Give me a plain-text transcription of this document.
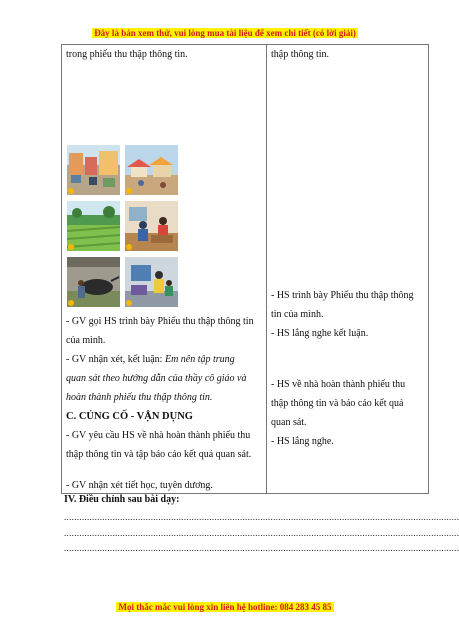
Đây là bản xem thử, vui lòng mua tài liệu để xem chi tiết (có lời giải)
trong phiếu thu thập thông tin.
- GV gọi HS trình bày Phiếu thu thập thông tin
của mình.
- GV nhận xét, kết luận: Em nên tập trung
quan sát theo hướng dẫn của thầy cô giáo và
hoàn thành phiếu thu thập thông tin.
C. CỦNG CỐ - VẬN DỤNG
- GV yêu cầu HS về nhà hoàn thành phiếu thu
thập thông tin và tập báo cáo kết quả quan sát.
- GV nhận xét tiết học, tuyên dương.

thập thông tin.
- HS trình bày Phiếu thu thập thông
tin của mình.
- HS lắng nghe kết luận.
- HS về nhà hoàn thành phiếu thu
thập thông tin và báo cáo kết quả
quan sát.
- HS lắng nghe.
IV. Điều chỉnh sau bài dạy:
...........................................................................................................................................................
...........................................................................................................................................................
...........................................................................................................................................................
Mọi thắc mắc vui lòng xin liên hệ hotline: 084 283 45 85
